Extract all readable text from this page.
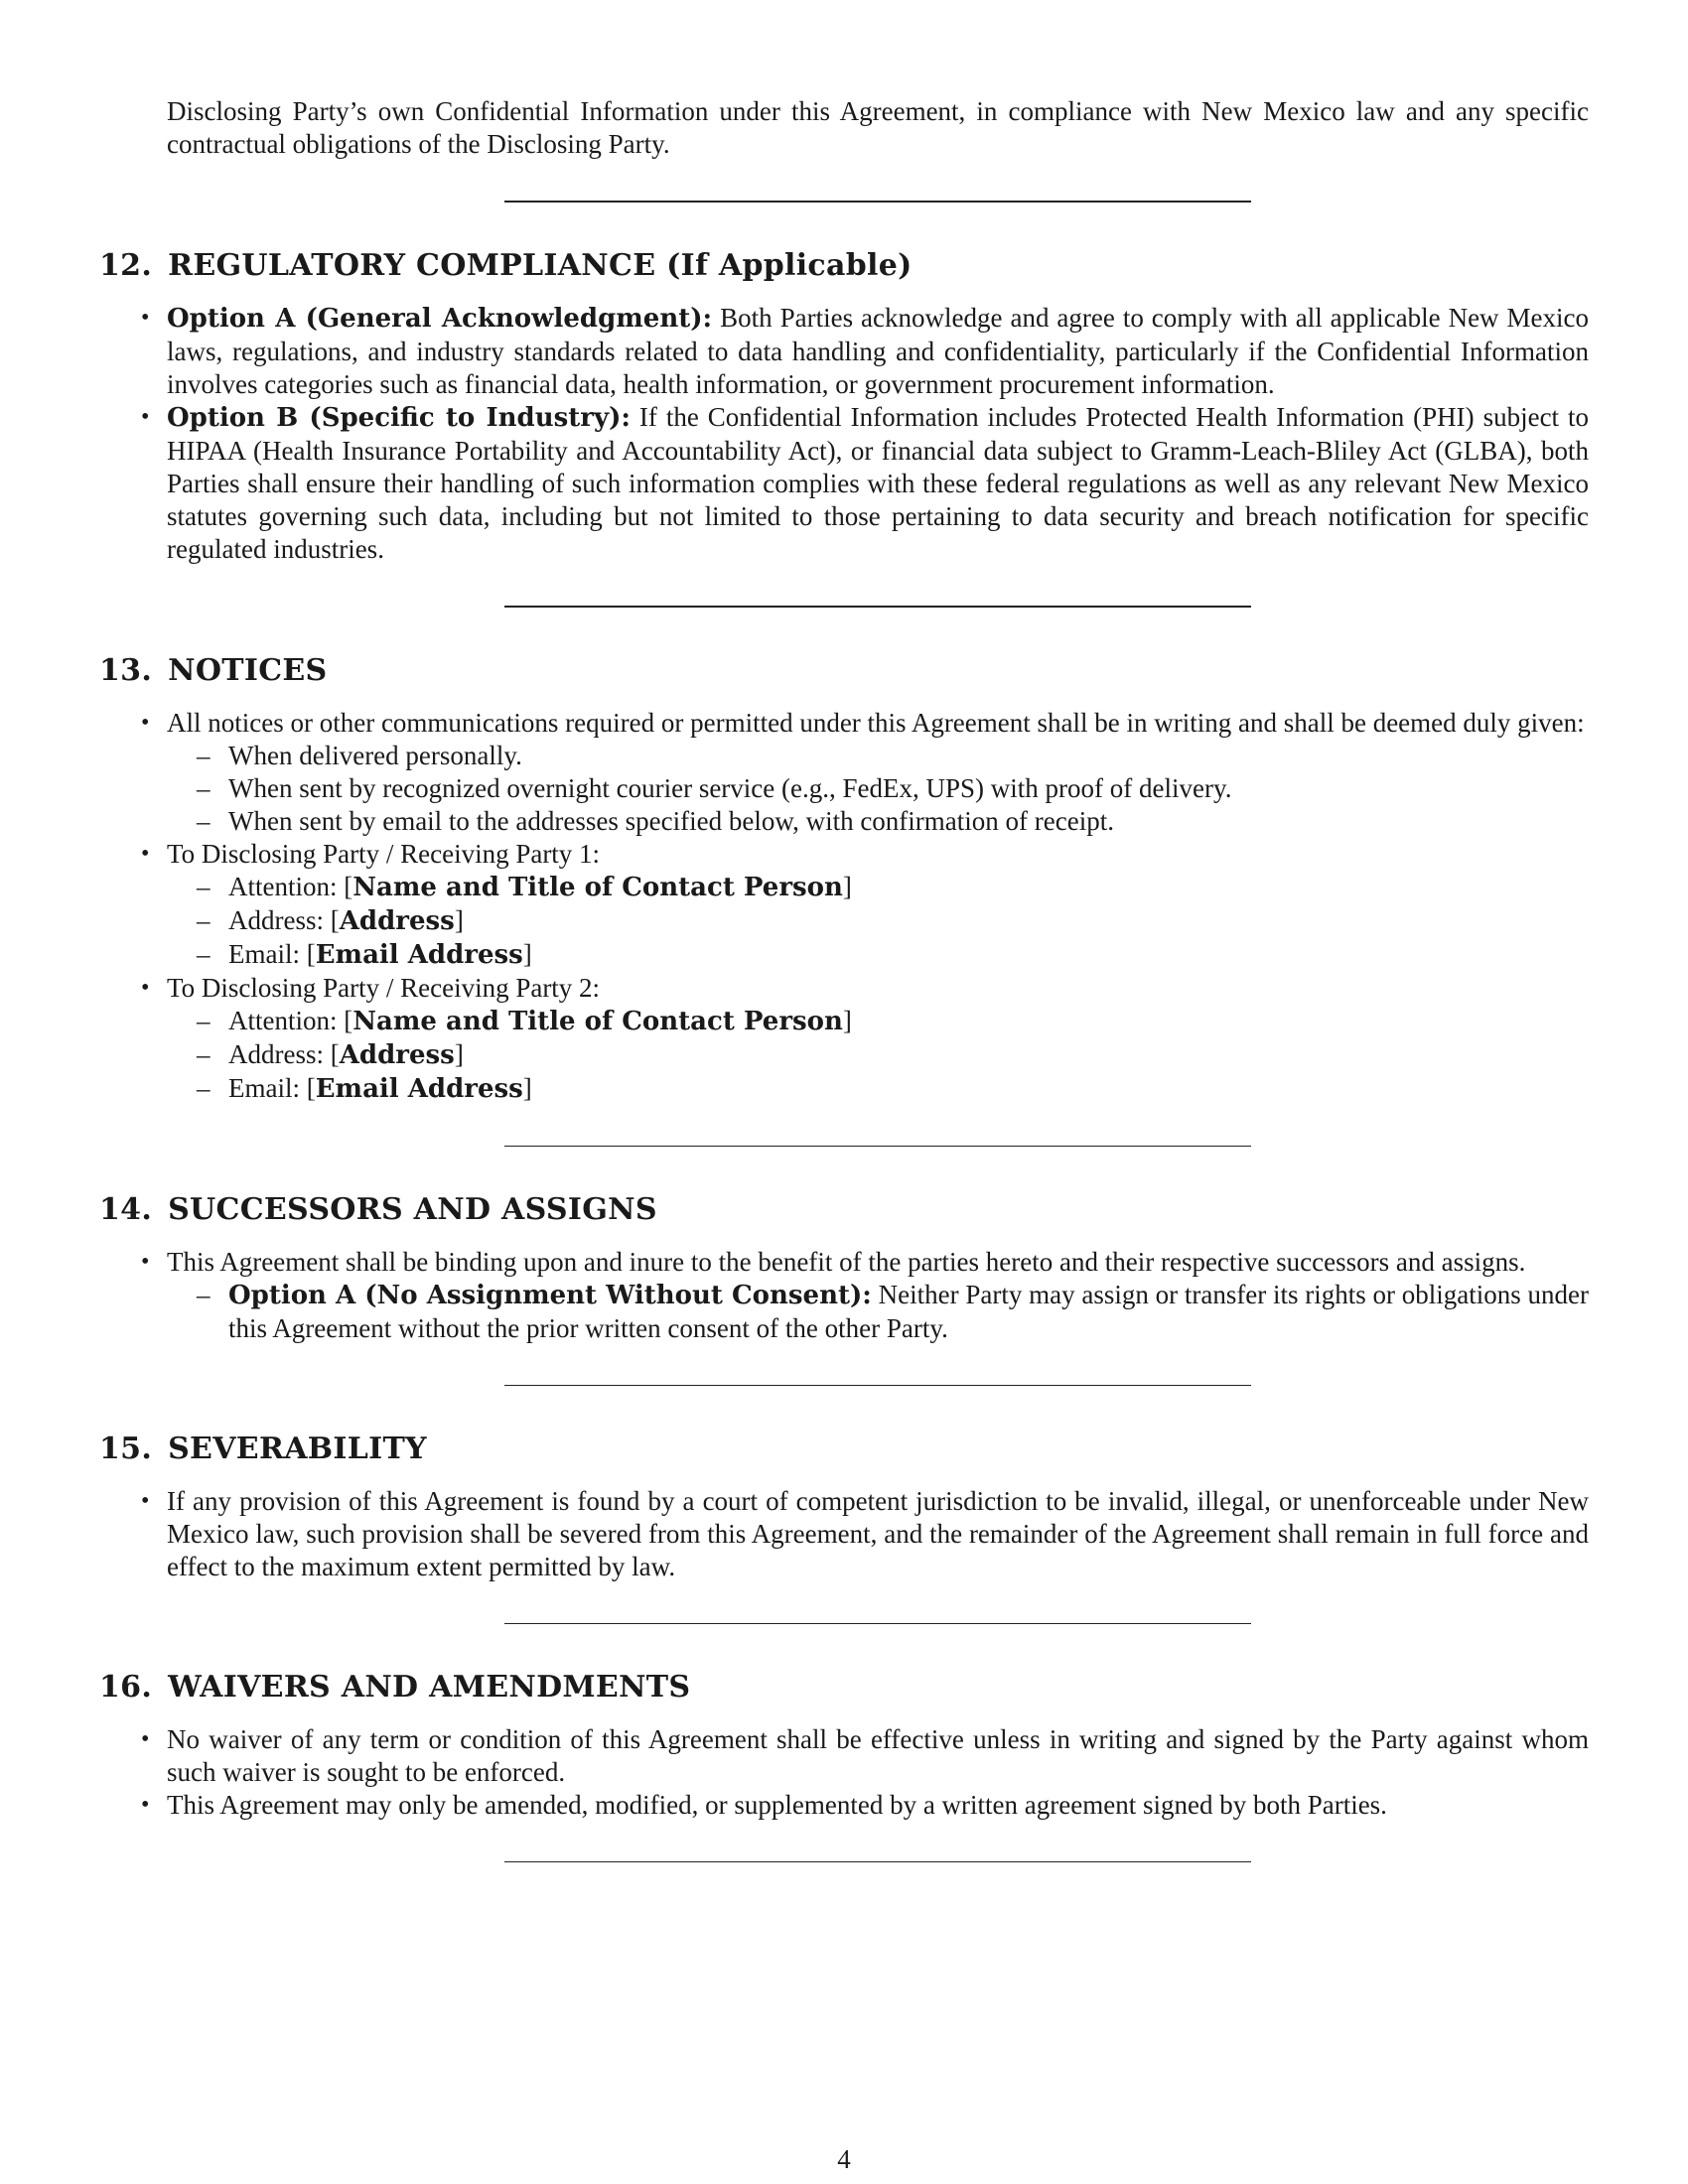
Disclosing Party’s own Confidential Information under this Agreement, in compliance with New Mexico law and any specific contractual obligations of the Disclosing Party.

12. REGULATORY COMPLIANCE (If Applicable)
• Option A (General Acknowledgment): Both Parties acknowledge and agree to comply with all applicable New Mexico laws, regulations, and industry standards related to data handling and confidentiality, particularly if the Confidential Information involves categories such as financial data, health information, or government procurement information.
• Option B (Specific to Industry): If the Confidential Information includes Protected Health Information (PHI) subject to HIPAA (Health Insurance Portability and Accountability Act), or financial data subject to Gramm-Leach-Bliley Act (GLBA), both Parties shall ensure their handling of such information complies with these federal regulations as well as any relevant New Mexico statutes governing such data, including but not limited to those pertaining to data security and breach notification for specific regulated industries.
13. NOTICES
• All notices or other communications required or permitted under this Agreement shall be in writing and shall be deemed duly given:
– When delivered personally.
– When sent by recognized overnight courier service (e.g., FedEx, UPS) with proof of delivery.
– When sent by email to the addresses specified below, with confirmation of receipt.
• To Disclosing Party / Receiving Party 1:
– Attention: [Name and Title of Contact Person]
– Address: [Address]
– Email: [Email Address]
• To Disclosing Party / Receiving Party 2:
– Attention: [Name and Title of Contact Person]
– Address: [Address]
– Email: [Email Address]
14. SUCCESSORS AND ASSIGNS
• This Agreement shall be binding upon and inure to the benefit of the parties hereto and their respective successors and assigns.
– Option A (No Assignment Without Consent): Neither Party may assign or transfer its rights or obligations under this Agreement without the prior written consent of the other Party.
15. SEVERABILITY
• If any provision of this Agreement is found by a court of competent jurisdiction to be invalid, illegal, or unenforceable under New Mexico law, such provision shall be severed from this Agreement, and the remainder of the Agreement shall remain in full force and effect to the maximum extent permitted by law.
16. WAIVERS AND AMENDMENTS
• No waiver of any term or condition of this Agreement shall be effective unless in writing and signed by the Party against whom such waiver is sought to be enforced.
• This Agreement may only be amended, modified, or supplemented by a written agreement signed by both Parties.
4
